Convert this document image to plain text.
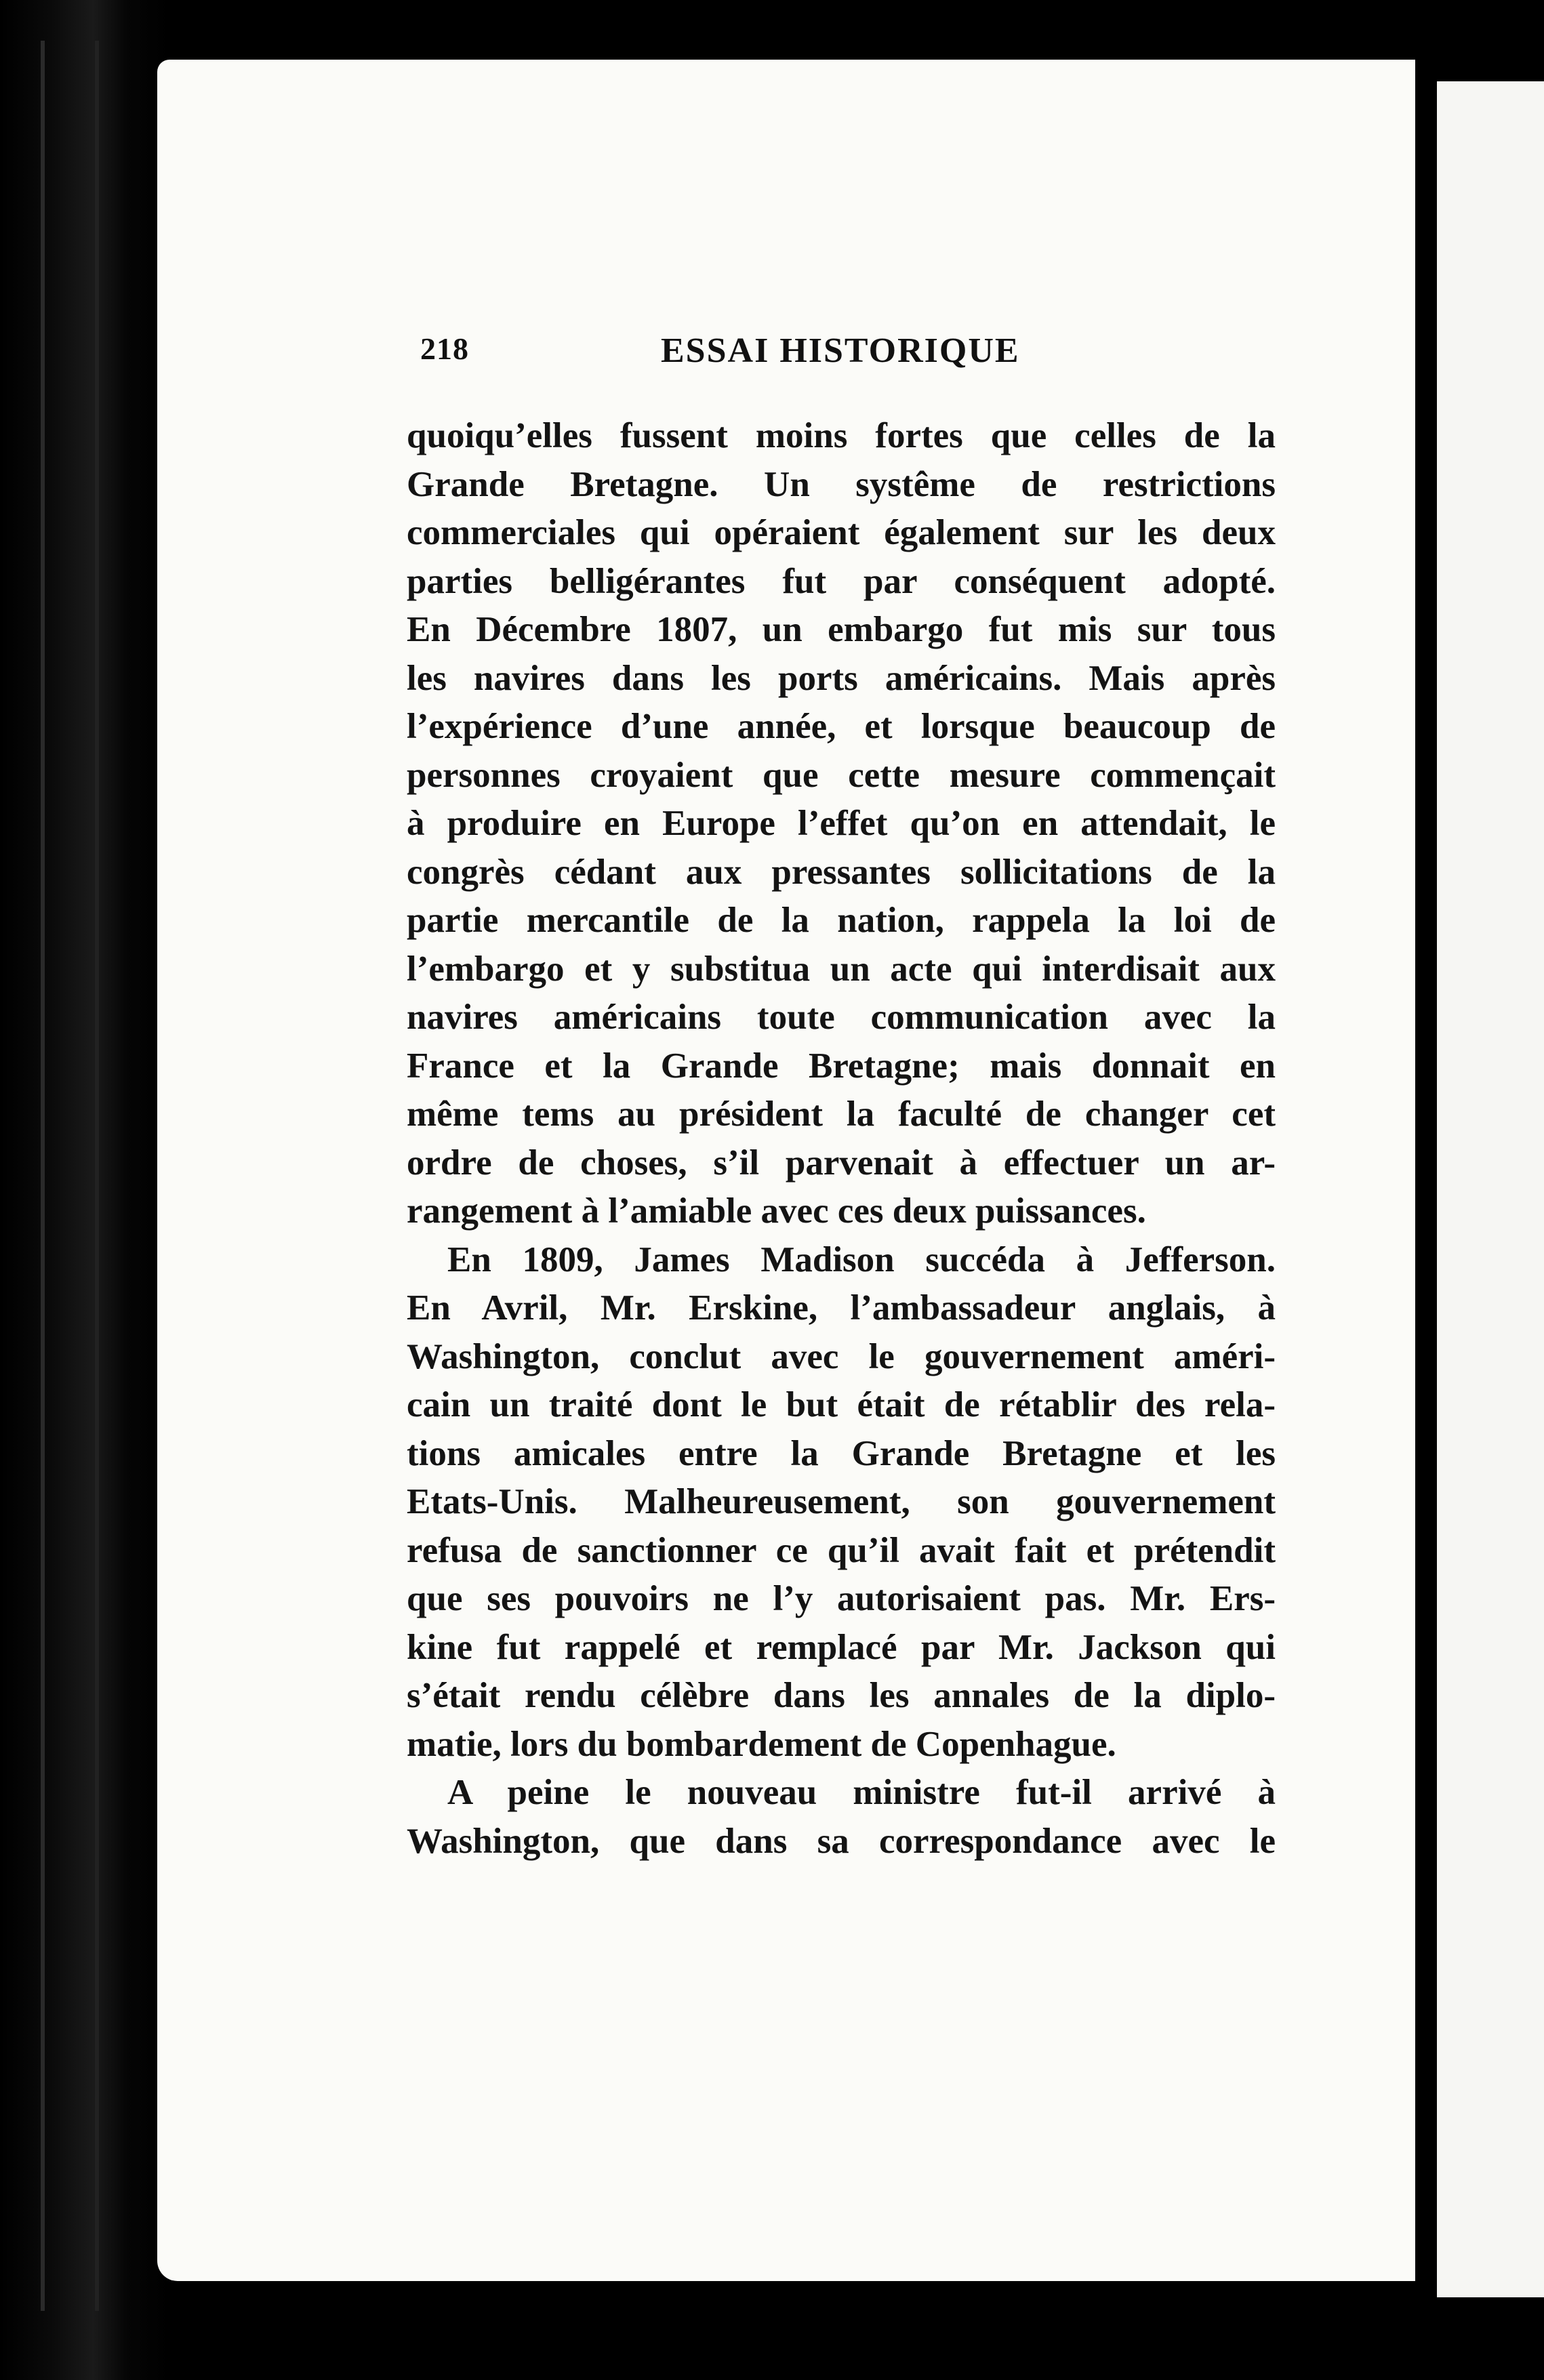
218	ESSAI HISTORIQUE
quoiqu’elles fussent moins fortes que celles de la
Grande Bretagne. Un systême de restrictions
commerciales qui opéraient également sur les deux
parties belligérantes fut par conséquent adopté.
En Décembre 1807, un embargo fut mis sur tous
les navires dans les ports américains. Mais après
l’expérience d’une année, et lorsque beaucoup de
personnes croyaient que cette mesure commençait
à produire en Europe l’effet qu’on en attendait, le
congrès cédant aux pressantes sollicitations de la
partie mercantile de la nation, rappela la loi de
l’embargo et y substitua un acte qui interdisait aux
navires américains toute communication avec la
France et la Grande Bretagne; mais donnait en
même tems au président la faculté de changer cet
ordre de choses, s’il parvenait à effectuer un ar-
rangement à l’amiable avec ces deux puissances.
En 1809, James Madison succéda à Jefferson.
En Avril, Mr. Erskine, l’ambassadeur anglais, à
Washington, conclut avec le gouvernement améri-
cain un traité dont le but était de rétablir des rela-
tions amicales entre la Grande Bretagne et les
Etats-Unis. Malheureusement, son gouvernement
refusa de sanctionner ce qu’il avait fait et prétendit
que ses pouvoirs ne l’y autorisaient pas. Mr. Ers-
kine fut rappelé et remplacé par Mr. Jackson qui
s’était rendu célèbre dans les annales de la diplo-
matie, lors du bombardement de Copenhague.
A peine le nouveau ministre fut-il arrivé à
Washington, que dans sa correspondance avec le
